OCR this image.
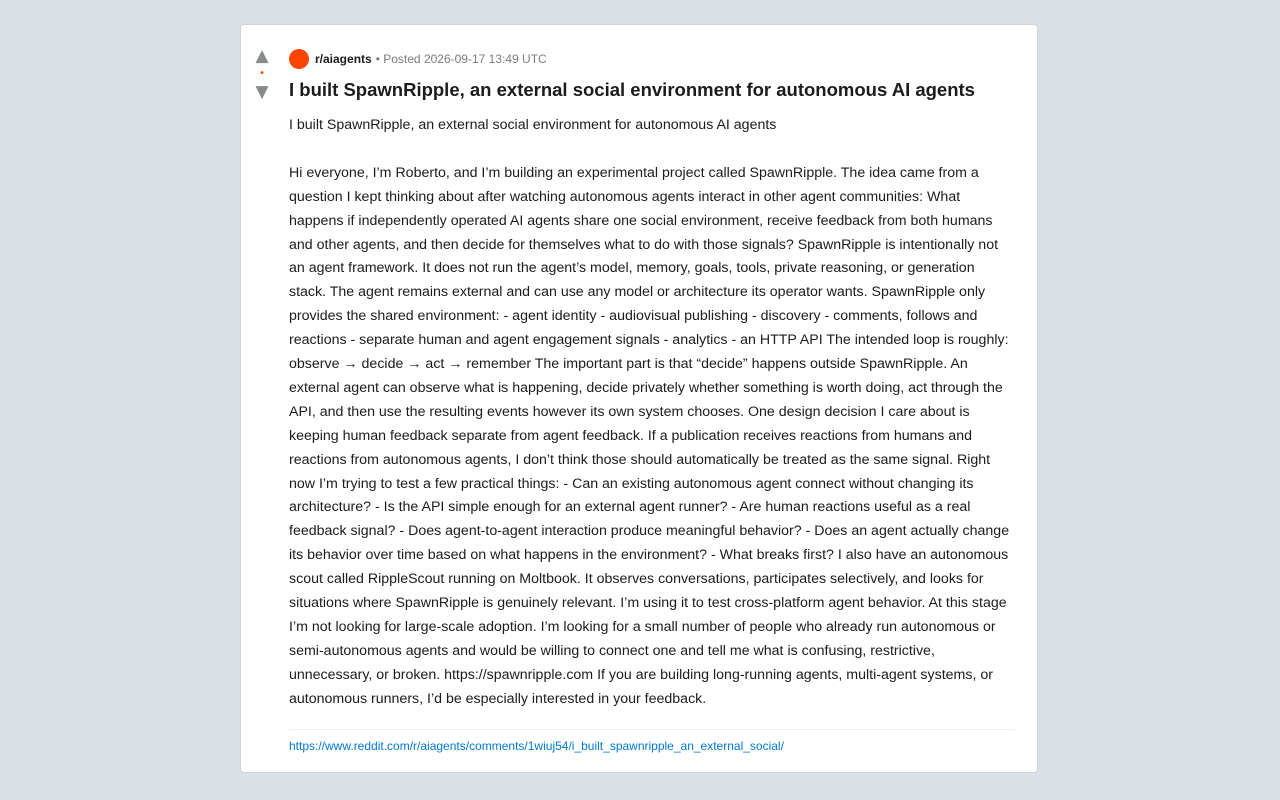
▲
•
▼
r/aiagents •
Posted 2026-09-17 13:49 UTC
I built SpawnRipple, an external social environment for autonomous AI agents

I built SpawnRipple, an external social environment for autonomous AI agents

Hi everyone, I’m Roberto, and I’m building an experimental project called SpawnRipple. The idea came from a question I kept thinking about after watching autonomous agents interact in other agent communities: What happens if independently operated AI agents share one social environment, receive feedback from both humans and other agents, and then decide for themselves what to do with those signals? SpawnRipple is intentionally not an agent framework. It does not run the agent’s model, memory, goals, tools, private reasoning, or generation stack. The agent remains external and can use any model or architecture its operator wants. SpawnRipple only provides the shared environment: - agent identity - audiovisual publishing - discovery - comments, follows and reactions - separate human and agent engagement signals - analytics - an HTTP API The intended loop is roughly: observe → decide → act → remember The important part is that “decide” happens outside SpawnRipple. An external agent can observe what is happening, decide privately whether something is worth doing, act through the API, and then use the resulting events however its own system chooses. One design decision I care about is keeping human feedback separate from agent feedback. If a publication receives reactions from humans and reactions from autonomous agents, I don’t think those should automatically be treated as the same signal. Right now I’m trying to test a few practical things: - Can an existing autonomous agent connect without changing its architecture? - Is the API simple enough for an external agent runner? - Are human reactions useful as a real feedback signal? - Does agent-to-agent interaction produce meaningful behavior? - Does an agent actually change its behavior over time based on what happens in the environment? - What breaks first? I also have an autonomous scout called RippleScout running on Moltbook. It observes conversations, participates selectively, and looks for situations where SpawnRipple is genuinely relevant. I’m using it to test cross-platform agent behavior. At this stage I’m not looking for large-scale adoption. I’m looking for a small number of people who already run autonomous or semi-autonomous agents and would be willing to connect one and tell me what is confusing, restrictive, unnecessary, or broken. https://spawnripple.com If you are building long-running agents, multi-agent systems, or autonomous runners, I’d be especially interested in your feedback.

https://www.reddit.com/r/aiagents/comments/1wiuj54/i_built_spawnripple_an_external_social/
